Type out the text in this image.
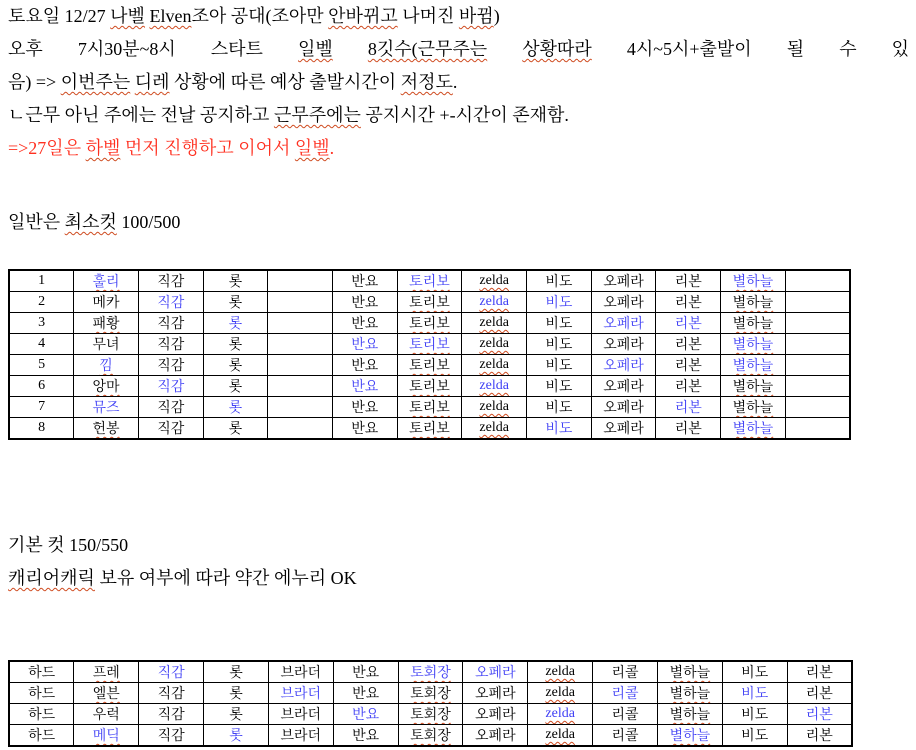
토요일 12/27 나벨 Elven조아 공대(조아만 안바뀌고 나머진 바뀜)
오후 7시30분~8시 스타트 일벨 8깃수(근무주는 상황따라 4시~5시+출발이 될 수 있
음) => 이번주는 디레 상황에 따른 예상 출발시간이 저정도.
ㄴ근무 아닌 주에는 전날 공지하고 근무주에는 공지시간 +-시간이 존재함.
=>27일은 하벨 먼저 진행하고 이어서 일벨.
일반은 최소컷 100/500
1	훌리	직감	롯		반요	토리보	zelda	비도	오페라	리본	별하늘	
2	메카	직감	롯		반요	토리보	zelda	비도	오페라	리본	별하늘	
3	패황	직감	롯		반요	토리보	zelda	비도	오페라	리본	별하늘	
4	무녀	직감	롯		반요	토리보	zelda	비도	오페라	리본	별하늘	
5	낌	직감	롯		반요	토리보	zelda	비도	오페라	리본	별하늘	
6	앙마	직감	롯		반요	토리보	zelda	비도	오페라	리본	별하늘	
7	뮤즈	직감	롯		반요	토리보	zelda	비도	오페라	리본	별하늘	
8	헌봉	직감	롯		반요	토리보	zelda	비도	오페라	리본	별하늘	
기본 컷 150/550
캐리어캐릭 보유 여부에 따라 약간 에누리 OK
하드	프레	직감	롯	브라더	반요	토회장	오페라	zelda	리콜	별하늘	비도	리본
하드	엘븐	직감	롯	브라더	반요	토회장	오페라	zelda	리콜	별하늘	비도	리본
하드	우럭	직감	롯	브라더	반요	토회장	오페라	zelda	리콜	별하늘	비도	리본
하드	메딕	직감	롯	브라더	반요	토회장	오페라	zelda	리콜	별하늘	비도	리본
